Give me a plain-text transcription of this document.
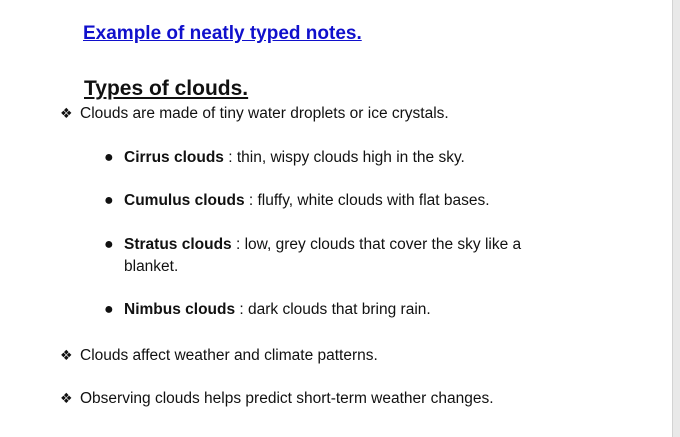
Example of neatly typed notes.
Types of clouds.
❖ Clouds are made of tiny water droplets or ice crystals.
● Cirrus clouds : thin, wispy clouds high in the sky.
● Cumulus clouds : fluffy, white clouds with flat bases.
● Stratus clouds : low, grey clouds that cover the sky like a blanket.
● Nimbus clouds : dark clouds that bring rain.
❖ Clouds affect weather and climate patterns.
❖ Observing clouds helps predict short-term weather changes.
